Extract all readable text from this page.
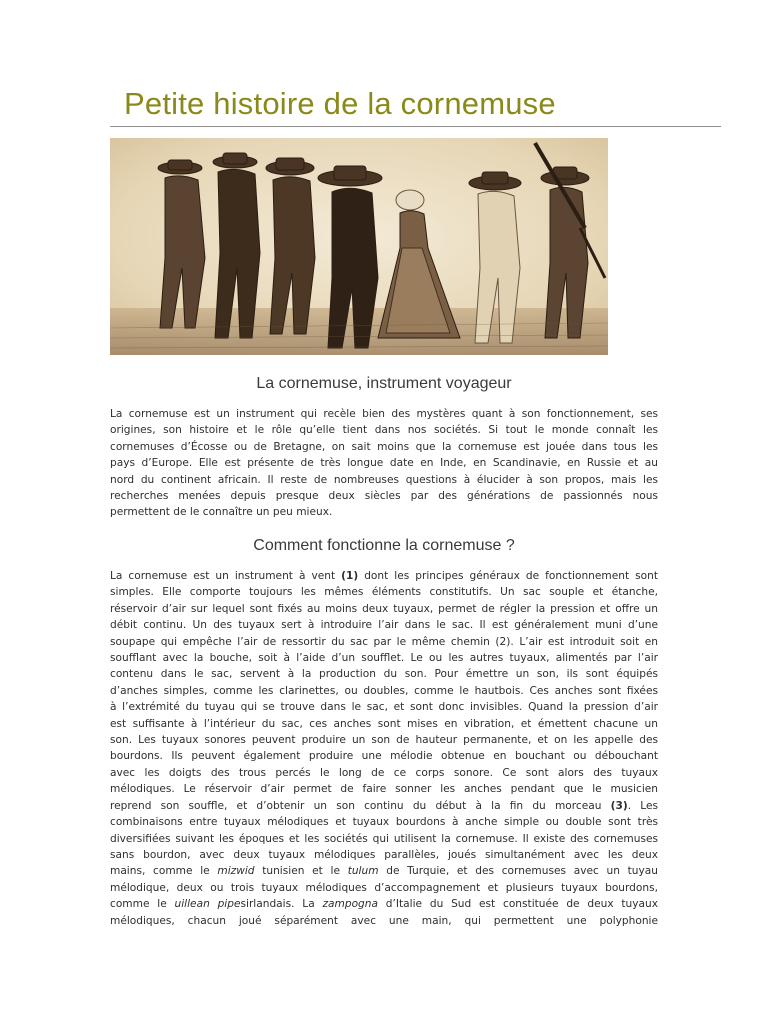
Petite histoire de la cornemuse
La cornemuse, instrument voyageur

La cornemuse est un instrument qui recèle bien des mystères quant à son fonctionnement, ses
origines, son histoire et le rôle qu’elle tient dans nos sociétés. Si tout le monde connaît les
cornemuses d’Écosse ou de Bretagne, on sait moins que la cornemuse est jouée dans tous les
pays d’Europe. Elle est présente de très longue date en Inde, en Scandinavie, en Russie et au
nord du continent africain. Il reste de nombreuses questions à élucider à son propos, mais les
recherches menées depuis presque deux siècles par des générations de passionnés nous
permettent de le connaître un peu mieux.

Comment fonctionne la cornemuse ?

La cornemuse est un instrument à vent (1) dont les principes généraux de fonctionnement sont
simples. Elle comporte toujours les mêmes éléments constitutifs. Un sac souple et étanche,
réservoir d’air sur lequel sont fixés au moins deux tuyaux, permet de régler la pression et offre un
débit continu. Un des tuyaux sert à introduire l’air dans le sac. Il est généralement muni d’une
soupape qui empêche l’air de ressortir du sac par le même chemin (2). L’air est introduit soit en
soufflant avec la bouche, soit à l’aide d’un soufflet. Le ou les autres tuyaux, alimentés par l’air
contenu dans le sac, servent à la production du son. Pour émettre un son, ils sont équipés
d’anches simples, comme les clarinettes, ou doubles, comme le hautbois. Ces anches sont fixées
à l’extrémité du tuyau qui se trouve dans le sac, et sont donc invisibles. Quand la pression d’air
est suffisante à l’intérieur du sac, ces anches sont mises en vibration, et émettent chacune un
son. Les tuyaux sonores peuvent produire un son de hauteur permanente, et on les appelle des
bourdons. Ils peuvent également produire une mélodie obtenue en bouchant ou débouchant
avec les doigts des trous percés le long de ce corps sonore. Ce sont alors des tuyaux
mélodiques. Le réservoir d’air permet de faire sonner les anches pendant que le musicien
reprend son souffle, et d’obtenir un son continu du début à la fin du morceau (3). Les
combinaisons entre tuyaux mélodiques et tuyaux bourdons à anche simple ou double sont très
diversifiées suivant les époques et les sociétés qui utilisent la cornemuse. Il existe des cornemuses
sans bourdon, avec deux tuyaux mélodiques parallèles, joués simultanément avec les deux
mains, comme le mizwid tunisien et le tulum de Turquie, et des cornemuses avec un tuyau
mélodique, deux ou trois tuyaux mélodiques d’accompagnement et plusieurs tuyaux bourdons,
comme le uillean pipesirlandais. La zampogna d’Italie du Sud est constituée de deux tuyaux
mélodiques, chacun joué séparément avec une main, qui permettent une polyphonie
